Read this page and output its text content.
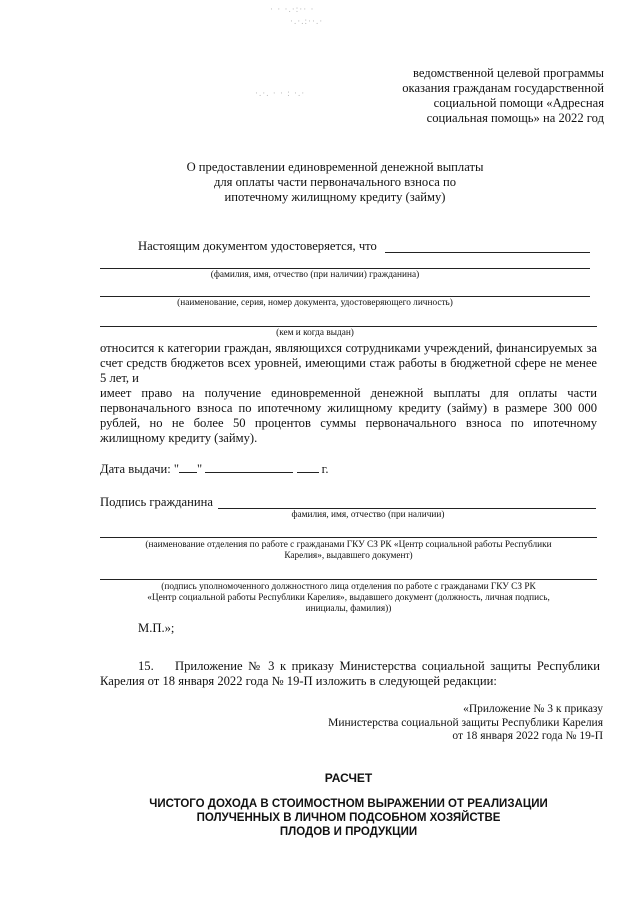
· · ·.·:·· ·
·.·.:··.·
·.·. · · : ·.·
ведомственной целевой программы
оказания гражданам государственной
социальной помощи «Адресная
социальная помощь» на 2022 год
О предоставлении единовременной денежной выплаты
для оплаты части первоначального взноса по
ипотечному жилищному кредиту (займу)
Настоящим документом удостоверяется, что
(фамилия, имя, отчество (при наличии) гражданина)
(наименование, серия, номер документа, удостоверяющего личность)
(кем и когда выдан)
относится к категории граждан, являющихся сотрудниками учреждений, финансируемых за счет средств бюджетов всех уровней, имеющими стаж работы в бюджетной сфере не менее 5 лет, и
имеет право на получение единовременной денежной выплаты для оплаты части первоначального взноса по ипотечному жилищному кредиту (займу) в размере 300 000 рублей, но не более 50 процентов суммы первоначального взноса по ипотечному жилищному кредиту (займу).
Дата выдачи: " "	г.
Подпись гражданина
фамилия, имя, отчество (при наличии)
(наименование отделения по работе с гражданами ГКУ СЗ РК «Центр социальной работы Республики
Карелия», выдавшего документ)
(подпись уполномоченного должностного лица отделения по работе с гражданами ГКУ СЗ РК
«Центр социальной работы Республики Карелия», выдавшего документ (должность, личная подпись,
инициалы, фамилия))
М.П.»;
15. Приложение № 3 к приказу Министерства социальной защиты Республики
Карелия от 18 января 2022 года № 19-П изложить в следующей редакции:
«Приложение № 3 к приказу
Министерства социальной защиты Республики Карелия
от 18 января 2022 года № 19-П
РАСЧЕТ
ЧИСТОГО ДОХОДА В СТОИМОСТНОМ ВЫРАЖЕНИИ ОТ РЕАЛИЗАЦИИ
ПОЛУЧЕННЫХ В ЛИЧНОМ ПОДСОБНОМ ХОЗЯЙСТВЕ
ПЛОДОВ И ПРОДУКЦИИ
